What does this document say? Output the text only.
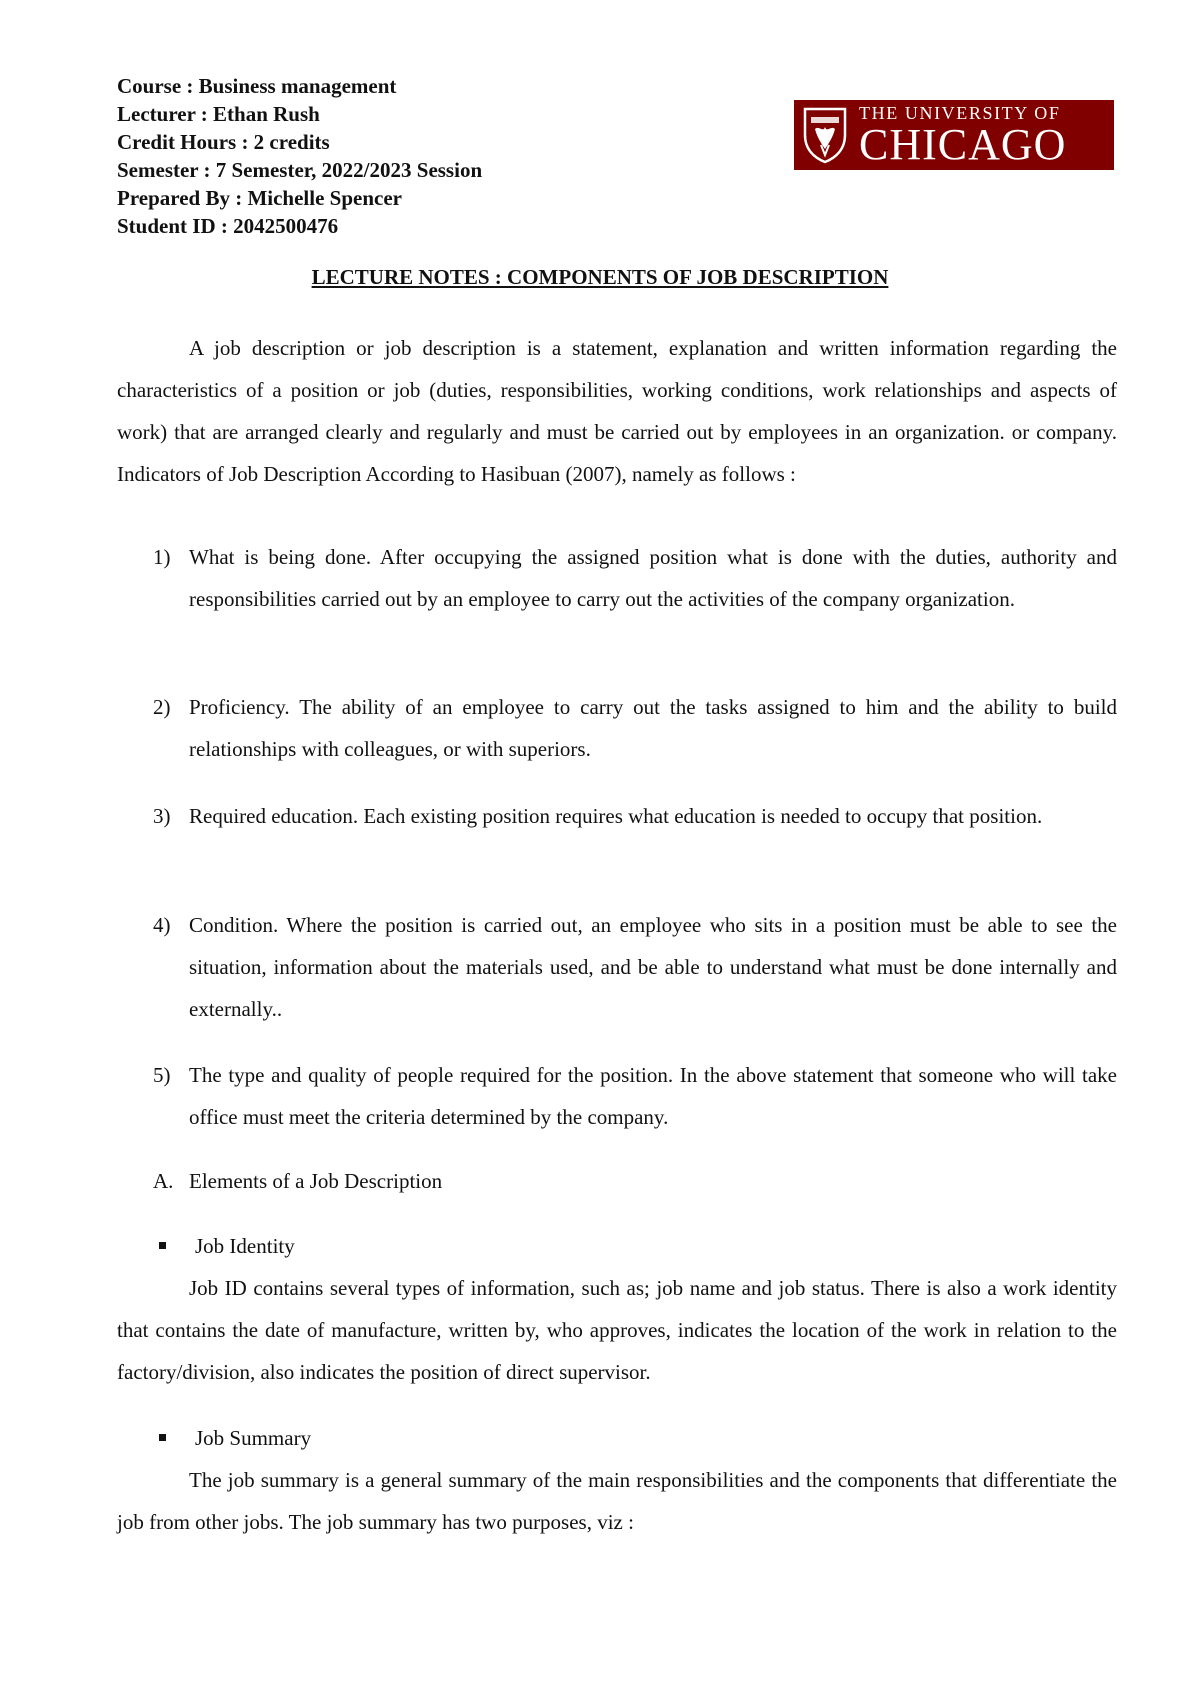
Course : Business management
Lecturer : Ethan Rush
Credit Hours : 2 credits
Semester : 7 Semester, 2022/2023 Session
Prepared By : Michelle Spencer
Student ID : 2042500476
THE UNIVERSITY OF
CHICAGO
LECTURE NOTES : COMPONENTS OF JOB DESCRIPTION
A job description or job description is a statement, explanation and written information regarding the characteristics of a position or job (duties, responsibilities, working conditions, work relationships and aspects of work) that are arranged clearly and regularly and must be carried out by employees in an organization. or company. Indicators of Job Description According to Hasibuan (2007), namely as follows :
1) What is being done. After occupying the assigned position what is done with the duties, authority and responsibilities carried out by an employee to carry out the activities of the company organization.
2) Proficiency. The ability of an employee to carry out the tasks assigned to him and the ability to build relationships with colleagues, or with superiors.
3) Required education. Each existing position requires what education is needed to occupy that position.
4) Condition. Where the position is carried out, an employee who sits in a position must be able to see the situation, information about the materials used, and be able to understand what must be done internally and externally..
5) The type and quality of people required for the position. In the above statement that someone who will take office must meet the criteria determined by the company.
A. Elements of a Job Description
Job Identity
Job ID contains several types of information, such as; job name and job status. There is also a work identity that contains the date of manufacture, written by, who approves, indicates the location of the work in relation to the factory/division, also indicates the position of direct supervisor.
Job Summary
The job summary is a general summary of the main responsibilities and the components that differentiate the job from other jobs. The job summary has two purposes, viz :
